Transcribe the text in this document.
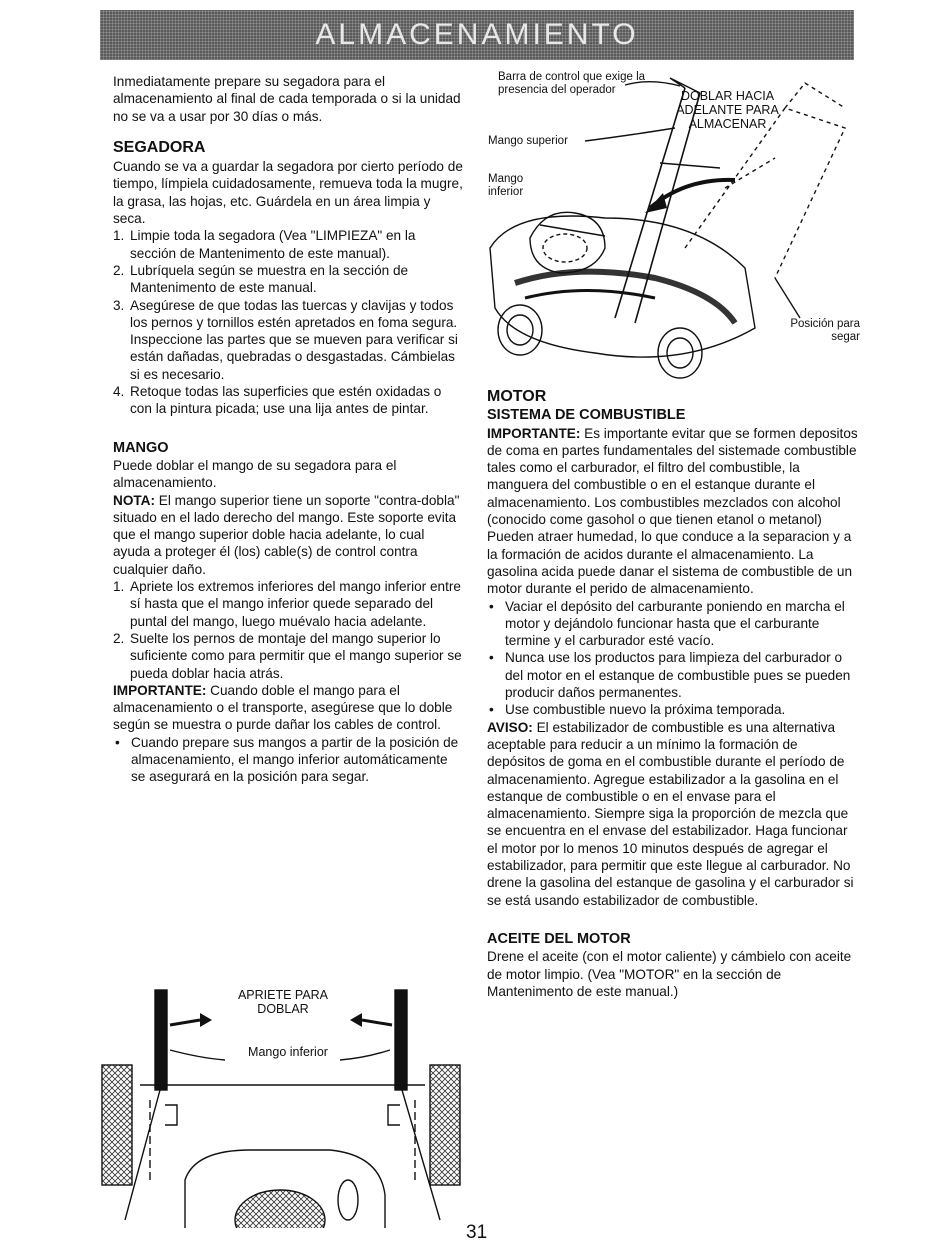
ALMACENAMIENTO

Inmediatamente prepare su segadora para el almacenamiento al final de cada temporada o si la unidad no se va a usar por 30 días o más.

SEGADORA

Cuando se va a guardar la segadora por cierto período de tiempo, límpiela cuidadosamente, remueva toda la mugre, la grasa, las hojas, etc. Guárdela en un área limpia y seca.

1. Limpie toda la segadora (Vea "LIMPIEZA" en la sección de Mantenimento de este manual).
2. Lubríquela según se muestra en la sección de Mantenimento de este manual.
3. Asegúrese de que todas las tuercas y clavijas y todos los pernos y tornillos estén apretados en foma segura. Inspeccione las partes que se mueven para verificar si están dañadas, quebradas o desgastadas. Cámbielas si es necesario.
4. Retoque todas las superficies que estén oxidadas o con la pintura picada; use una lija antes de pintar.
MANGO

Puede doblar el mango de su segadora para el almacenamiento.

NOTA: El mango superior tiene un soporte "contra-dobla" situado en el lado derecho del mango. Este soporte evita que el mango superior doble hacia adelante, lo cual ayuda a proteger él (los) cable(s) de control contra cualquier daño.

1. Apriete los extremos inferiores del mango inferior entre sí hasta que el mango inferior quede separado del puntal del mango, luego muévalo hacia adelante.
2. Suelte los pernos de montaje del mango superior lo suficiente como para permitir que el mango superior se pueda doblar hacia atrás.

IMPORTANTE: Cuando doble el mango para el almacenamiento o el transporte, asegúrese que lo doble según se muestra o purde dañar los cables de control.

• Cuando prepare sus mangos a partir de la posición de almacenamiento, el mango inferior automáticamente se asegurará en la posición para segar.
Barra de control que exige la presencia del operador
Mango superior
Mango inferior
DOBLAR HACIA ADELANTE PARA ALMACENAR
Posición para segar
APRIETE PARA DOBLAR
Mango inferior
MOTOR
SISTEMA DE COMBUSTIBLE

IMPORTANTE: Es importante evitar que se formen depositos de coma en partes fundamentales del sistemade combustible tales como el carburador, el filtro del combustible, la manguera del combustible o en el estanque durante el almacenamiento. Los combustibles mezclados con alcohol (conocido come gasohol o que tienen etanol o metanol) Pueden atraer humedad, lo que conduce a la separacion y a la formación de acidos durante el almacenamiento. La gasolina acida puede danar el sistema de combustible de un motor durante el perido de almacenamiento.

• Vaciar el depósito del carburante poniendo en marcha el motor y dejándolo funcionar hasta que el carburante termine y el carburador esté vacío.
• Nunca use los productos para limpieza del carburador o del motor en el estanque de combustible pues se pueden producir daños permanentes.
• Use combustible nuevo la próxima temporada.

AVISO: El estabilizador de combustible es una alternativa aceptable para reducir a un mínimo la formación de depósitos de goma en el combustible durante el período de almacenamiento. Agregue estabilizador a la gasolina en el estanque de combustible o en el envase para el almacenamiento. Siempre siga la proporción de mezcla que se encuentra en el envase del estabilizador. Haga funcionar el motor por lo menos 10 minutos después de agregar el estabilizador, para permitir que este llegue al carburador. No drene la gasolina del estanque de gasolina y el carburador si se está usando estabilizador de combustible.

ACEITE DEL MOTOR

Drene el aceite (con el motor caliente) y cámbielo con aceite de motor limpio. (Vea "MOTOR" en la sección de Mantenimento de este manual.)

31
